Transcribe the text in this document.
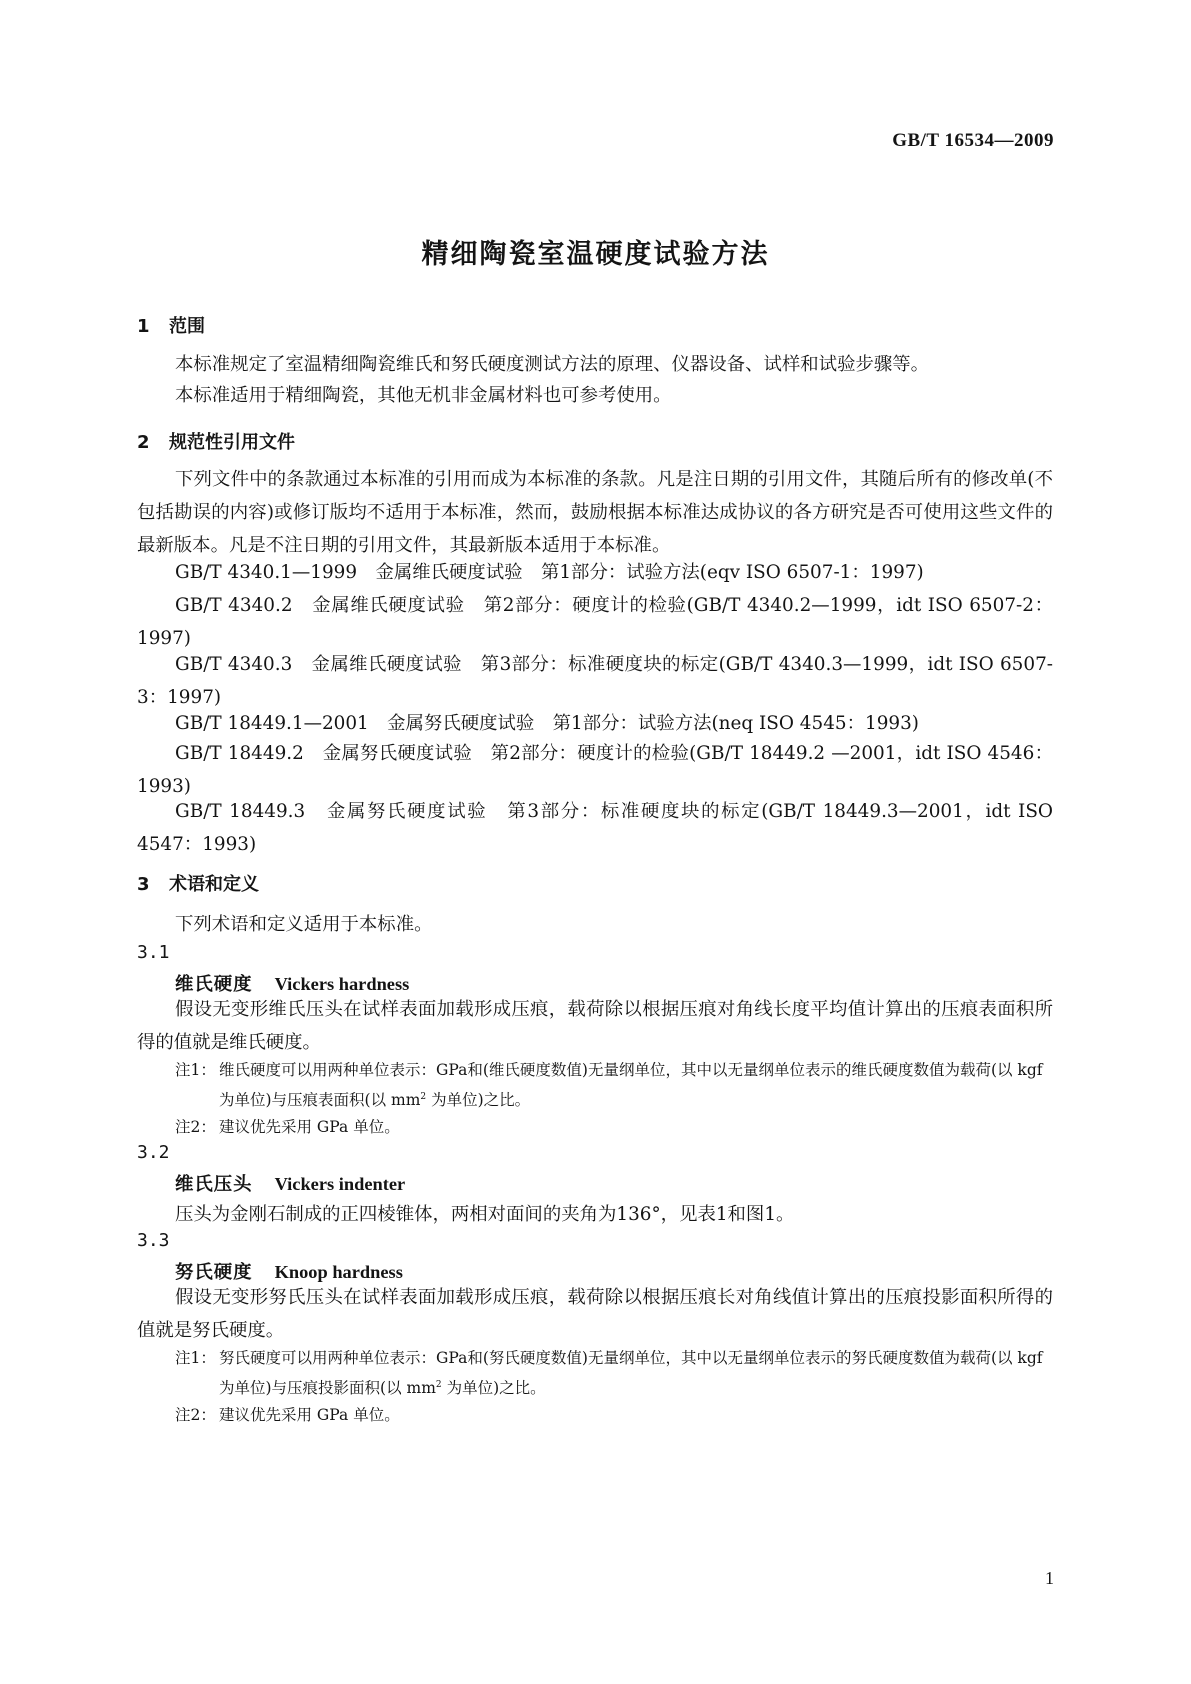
GB/T 16534—2009
精细陶瓷室温硬度试验方法
1 范围
本标准规定了室温精细陶瓷维氏和努氏硬度测试方法的原理、仪器设备、试样和试验步骤等。
本标准适用于精细陶瓷，其他无机非金属材料也可参考使用。
2 规范性引用文件
下列文件中的条款通过本标准的引用而成为本标准的条款。凡是注日期的引用文件，其随后所有的修改单(不包括勘误的内容)或修订版均不适用于本标准，然而，鼓励根据本标准达成协议的各方研究是否可使用这些文件的最新版本。凡是不注日期的引用文件，其最新版本适用于本标准。
GB/T 4340.1—1999　金属维氏硬度试验　第1部分：试验方法(eqv ISO 6507-1：1997)
GB/T 4340.2　金属维氏硬度试验　第2部分：硬度计的检验(GB/T 4340.2—1999，idt ISO 6507-2：1997)
GB/T 4340.3　金属维氏硬度试验　第3部分：标准硬度块的标定(GB/T 4340.3—1999，idt ISO 6507-3：1997)
GB/T 18449.1—2001　金属努氏硬度试验　第1部分：试验方法(neq ISO 4545：1993)
GB/T 18449.2　金属努氏硬度试验　第2部分：硬度计的检验(GB/T 18449.2 —2001，idt ISO 4546：1993)
GB/T 18449.3　金属努氏硬度试验　第3部分：标准硬度块的标定(GB/T 18449.3—2001，idt ISO 4547：1993)
3 术语和定义
下列术语和定义适用于本标准。
3.1
维氏硬度 Vickers hardness
假设无变形维氏压头在试样表面加载形成压痕，载荷除以根据压痕对角线长度平均值计算出的压痕表面积所得的值就是维氏硬度。
注1： 维氏硬度可以用两种单位表示：GPa和(维氏硬度数值)无量纲单位，其中以无量纲单位表示的维氏硬度数值为载荷(以 kgf 为单位)与压痕表面积(以 $mm^2$ 为单位)之比。
注2： 建议优先采用 GPa 单位。
3.2
维氏压头 Vickers indenter
压头为金刚石制成的正四棱锥体，两相对面间的夹角为136°，见表1和图1。
3.3
努氏硬度 Knoop hardness
假设无变形努氏压头在试样表面加载形成压痕，载荷除以根据压痕长对角线值计算出的压痕投影面积所得的值就是努氏硬度。
注1： 努氏硬度可以用两种单位表示：GPa和(努氏硬度数值)无量纲单位，其中以无量纲单位表示的努氏硬度数值为载荷(以 kgf 为单位)与压痕投影面积(以 $mm^2$ 为单位)之比。
注2： 建议优先采用 GPa 单位。
1
